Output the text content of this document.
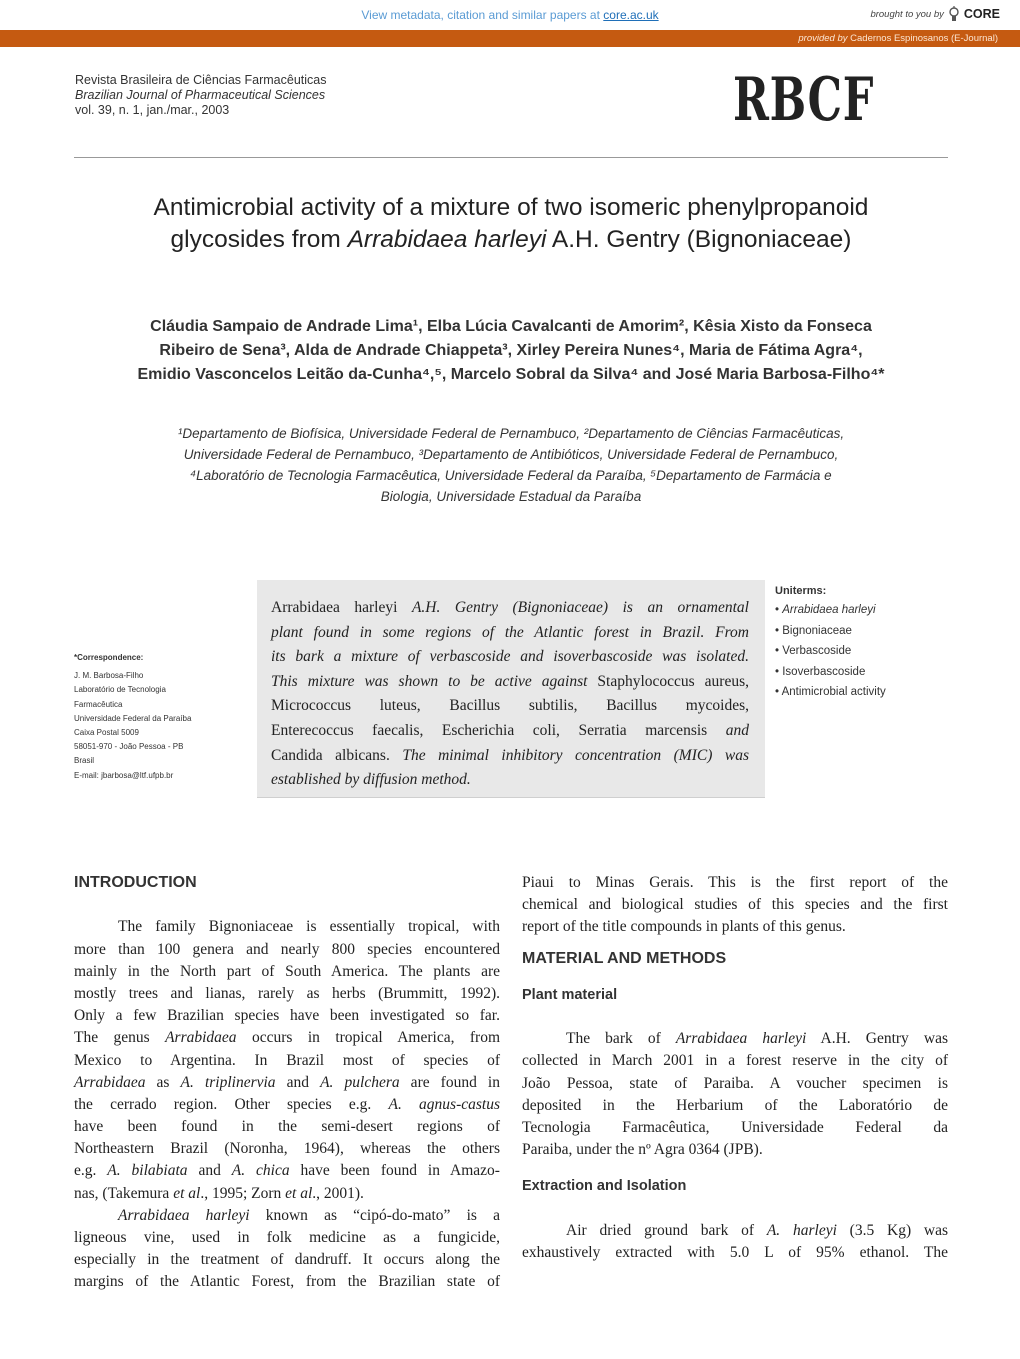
View metadata, citation and similar papers at core.ac.uk	brought to you by CORE
provided by Cadernos Espinosanos (E-Journal)
Revista Brasileira de Ciências Farmacêuticas
Brazilian Journal of Pharmaceutical Sciences
vol. 39, n. 1, jan./mar., 2003	RBCF
Antimicrobial activity of a mixture of two isomeric phenylpropanoid
glycosides from Arrabidaea harleyi A.H. Gentry (Bignoniaceae)
Cláudia Sampaio de Andrade Lima¹, Elba Lúcia Cavalcanti de Amorim², Kêsia Xisto da Fonseca
Ribeiro de Sena³, Alda de Andrade Chiappeta³, Xirley Pereira Nunes⁴, Maria de Fátima Agra⁴,
Emidio Vasconcelos Leitão da-Cunha⁴,⁵, Marcelo Sobral da Silva⁴ and José Maria Barbosa-Filho⁴*
¹Departamento de Biofísica, Universidade Federal de Pernambuco, ²Departamento de Ciências Farmacêuticas,
Universidade Federal de Pernambuco, ³Departamento de Antibióticos, Universidade Federal de Pernambuco,
⁴Laboratório de Tecnologia Farmacêutica, Universidade Federal da Paraíba, ⁵Departamento de Farmácia e
Biologia, Universidade Estadual da Paraíba
*Correspondence:
J. M. Barbosa-Filho
Laboratório de Tecnologia
Farmacêutica
Universidade Federal da Paraíba
Caixa Postal 5009
58051-970 - João Pessoa - PB
Brasil
E-mail: jbarbosa@ltf.ufpb.br
Arrabidaea harleyi A.H. Gentry (Bignoniaceae) is an ornamental
plant found in some regions of the Atlantic forest in Brazil. From
its bark a mixture of verbascoside and isoverbascoside was isolated.
This mixture was shown to be active against Staphylococcus aureus,
Micrococcus luteus, Bacillus subtilis, Bacillus mycoides,
Enterecoccus faecalis, Escherichia coli, Serratia marcensis and
Candida albicans. The minimal inhibitory concentration (MIC) was
established by diffusion method.
Uniterms:
• Arrabidaea harleyi
• Bignoniaceae
• Verbascoside
• Isoverbascoside
• Antimicrobial activity
INTRODUCTION
The family Bignoniaceae is essentially tropical, with
more than 100 genera and nearly 800 species encountered
mainly in the North part of South America. The plants are
mostly trees and lianas, rarely as herbs (Brummitt, 1992).
Only a few Brazilian species have been investigated so far.
The genus Arrabidaea occurs in tropical America, from
Mexico to Argentina. In Brazil most of species of
Arrabidaea as A. triplinervia and A. pulchera are found in
the cerrado region. Other species e.g. A. agnus-castus
have been found in the semi-desert regions of
Northeastern Brazil (Noronha, 1964), whereas the others
e.g. A. bilabiata and A. chica have been found in Amazo-
nas, (Takemura et al., 1995; Zorn et al., 2001).
Arrabidaea harleyi known as “cipó-do-mato” is a
ligneous vine, used in folk medicine as a fungicide,
especially in the treatment of dandruff. It occurs along the
margins of the Atlantic Forest, from the Brazilian state of
Piaui to Minas Gerais. This is the first report of the
chemical and biological studies of this species and the first
report of the title compounds in plants of this genus.
MATERIAL AND METHODS
Plant material
The bark of Arrabidaea harleyi A.H. Gentry was
collected in March 2001 in a forest reserve in the city of
João Pessoa, state of Paraiba. A voucher specimen is
deposited in the Herbarium of the Laboratório de
Tecnologia Farmacêutica, Universidade Federal da
Paraiba, under the nº Agra 0364 (JPB).
Extraction and Isolation
Air dried ground bark of A. harleyi (3.5 Kg) was
exhaustively extracted with 5.0 L of 95% ethanol. The
